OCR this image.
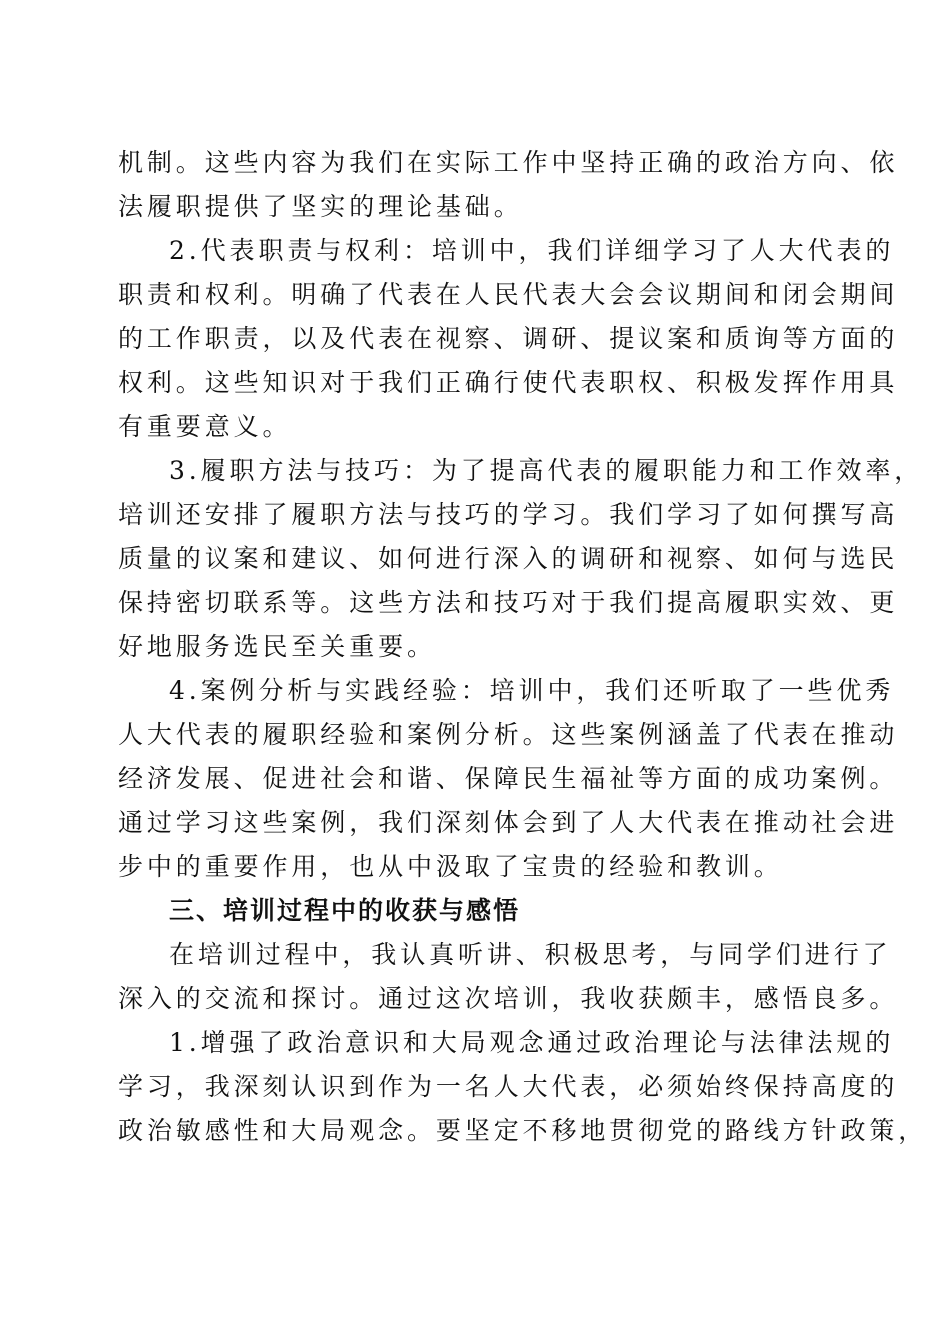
机制。这些内容为我们在实际工作中坚持正确的政治方向、依
法履职提供了坚实的理论基础。
2.代表职责与权利：培训中，我们详细学习了人大代表的
职责和权利。明确了代表在人民代表大会会议期间和闭会期间
的工作职责，以及代表在视察、调研、提议案和质询等方面的
权利。这些知识对于我们正确行使代表职权、积极发挥作用具
有重要意义。
3.履职方法与技巧：为了提高代表的履职能力和工作效率，
培训还安排了履职方法与技巧的学习。我们学习了如何撰写高
质量的议案和建议、如何进行深入的调研和视察、如何与选民
保持密切联系等。这些方法和技巧对于我们提高履职实效、更
好地服务选民至关重要。
4.案例分析与实践经验：培训中，我们还听取了一些优秀
人大代表的履职经验和案例分析。这些案例涵盖了代表在推动
经济发展、促进社会和谐、保障民生福祉等方面的成功案例。
通过学习这些案例，我们深刻体会到了人大代表在推动社会进
步中的重要作用，也从中汲取了宝贵的经验和教训。
三、培训过程中的收获与感悟
在培训过程中，我认真听讲、积极思考，与同学们进行了
深入的交流和探讨。通过这次培训，我收获颇丰，感悟良多。
1.增强了政治意识和大局观念通过政治理论与法律法规的
学习，我深刻认识到作为一名人大代表，必须始终保持高度的
政治敏感性和大局观念。要坚定不移地贯彻党的路线方针政策，
